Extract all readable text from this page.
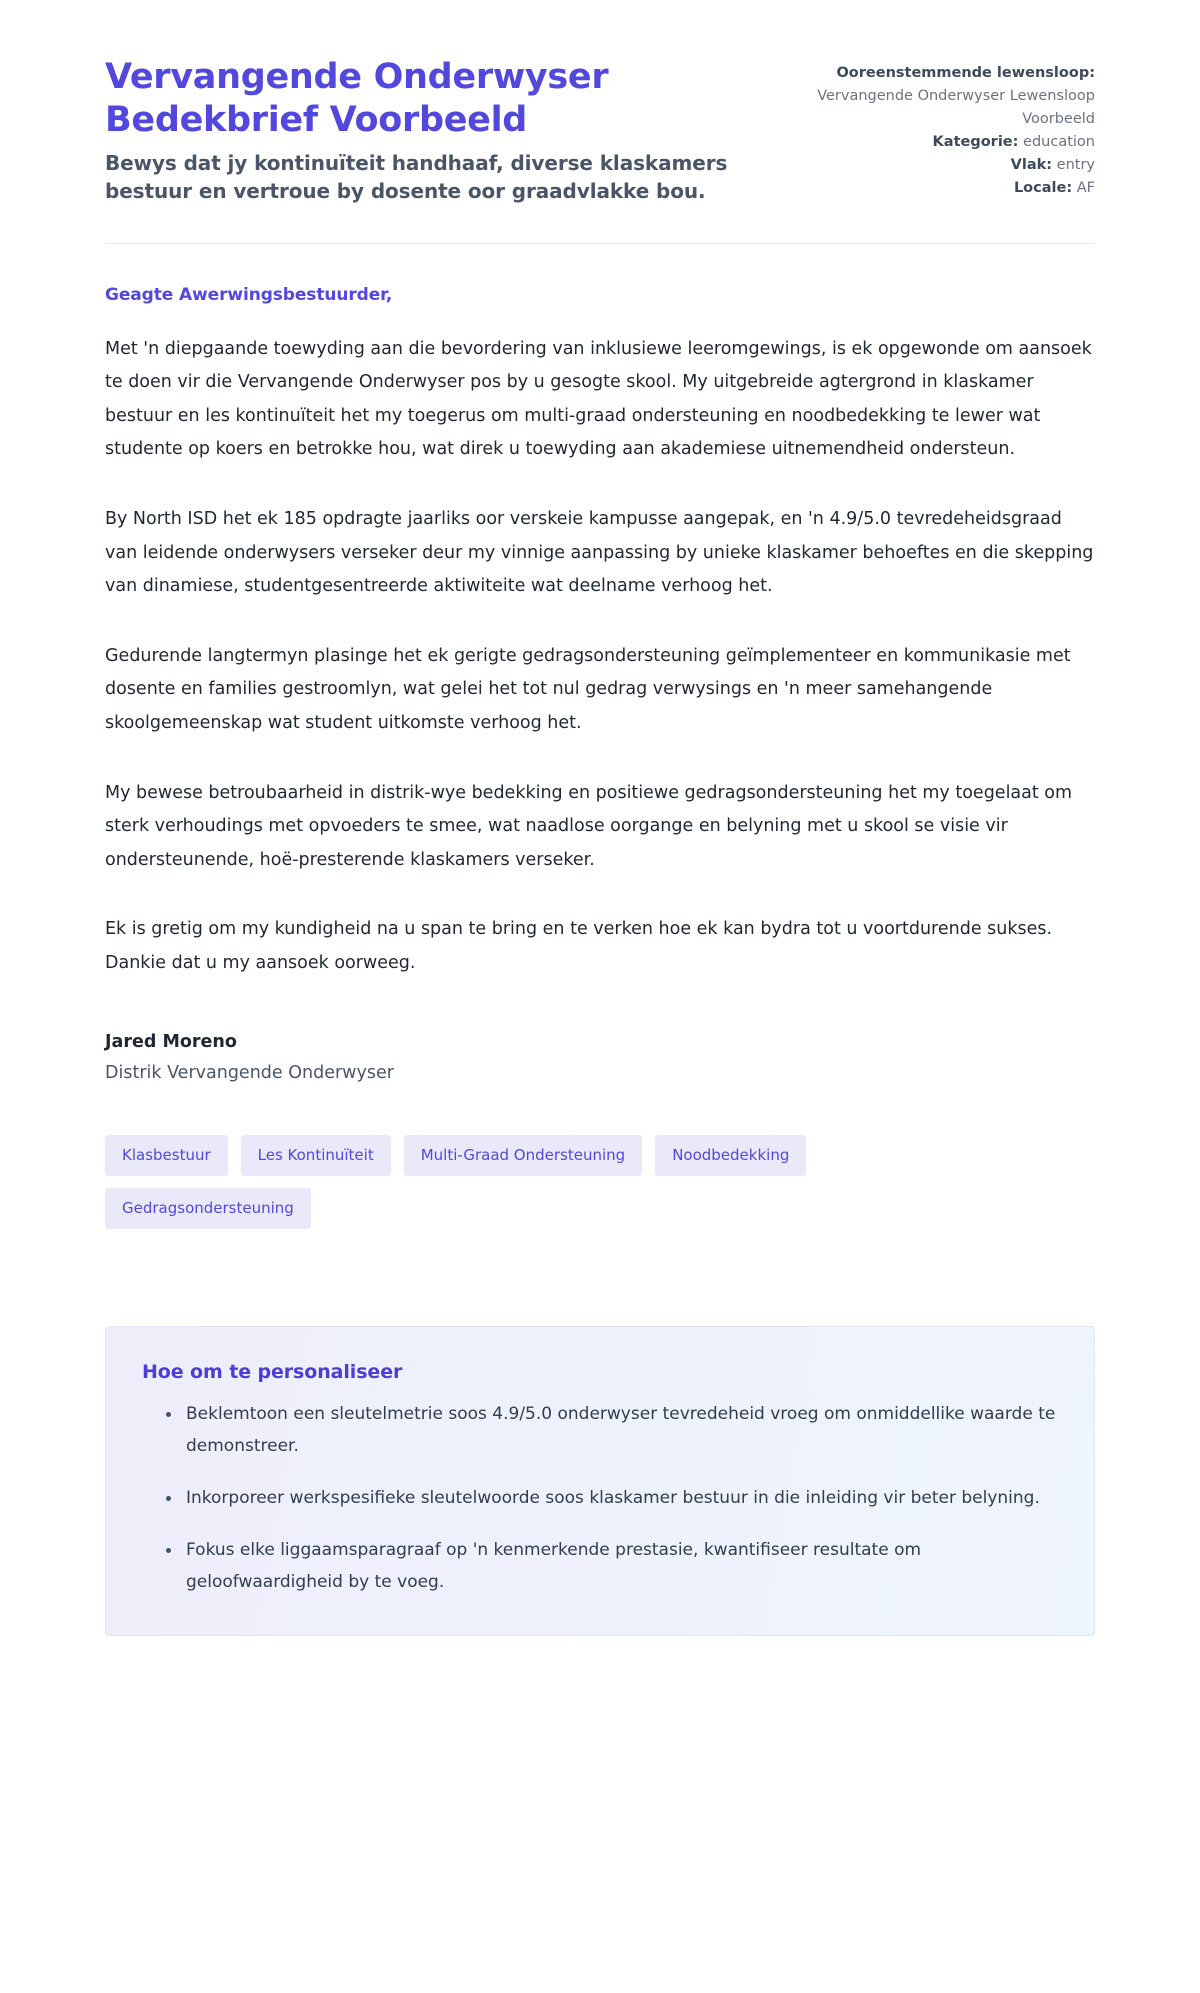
Vervangende Onderwyser Bedekbrief Voorbeeld

Bewys dat jy kontinuïteit handhaaf, diverse klaskamers bestuur en vertroue by dosente oor graadvlakke bou.

Ooreenstemmende lewensloop: Vervangende Onderwyser Lewensloop Voorbeeld
Kategorie: education
Vlak: entry
Locale: AF

Geagte Awerwingsbestuurder,

Met 'n diepgaande toewyding aan die bevordering van inklusiewe leeromgewings, is ek opgewonde om aansoek te doen vir die Vervangende Onderwyser pos by u gesogte skool. My uitgebreide agtergrond in klaskamer bestuur en les kontinuïteit het my toegerus om multi-graad ondersteuning en noodbedekking te lewer wat studente op koers en betrokke hou, wat direk u toewyding aan akademiese uitnemendheid ondersteun.

By North ISD het ek 185 opdragte jaarliks oor verskeie kampusse aangepak, en 'n 4.9/5.0 tevredeheidsgraad van leidende onderwysers verseker deur my vinnige aanpassing by unieke klaskamer behoeftes en die skepping van dinamiese, studentgesentreerde aktiwiteite wat deelname verhoog het.

Gedurende langtermyn plasinge het ek gerigte gedragsondersteuning geïmplementeer en kommunikasie met dosente en families gestroomlyn, wat gelei het tot nul gedrag verwysings en 'n meer samehangende skoolgemeenskap wat student uitkomste verhoog het.

My bewese betroubaarheid in distrik-wye bedekking en positiewe gedragsondersteuning het my toegelaat om sterk verhoudings met opvoeders te smee, wat naadlose oorgange en belyning met u skool se visie vir ondersteunende, hoë-presterende klaskamers verseker.

Ek is gretig om my kundigheid na u span te bring en te verken hoe ek kan bydra tot u voortdurende sukses. Dankie dat u my aansoek oorweeg.

Jared Moreno

Distrik Vervangende Onderwyser

Klasbestuur	Les Kontinuïteit	Multi-Graad Ondersteuning	Noodbedekking
Gedragsondersteuning
Hoe om te personaliseer
Beklemtoon een sleutelmetrie soos 4.9/5.0 onderwyser tevredeheid vroeg om onmiddellike waarde te demonstreer.
Inkorporeer werkspesifieke sleutelwoorde soos klaskamer bestuur in die inleiding vir beter belyning.
Fokus elke liggaamsparagraaf op 'n kenmerkende prestasie, kwantifiseer resultate om geloofwaardigheid by te voeg.
